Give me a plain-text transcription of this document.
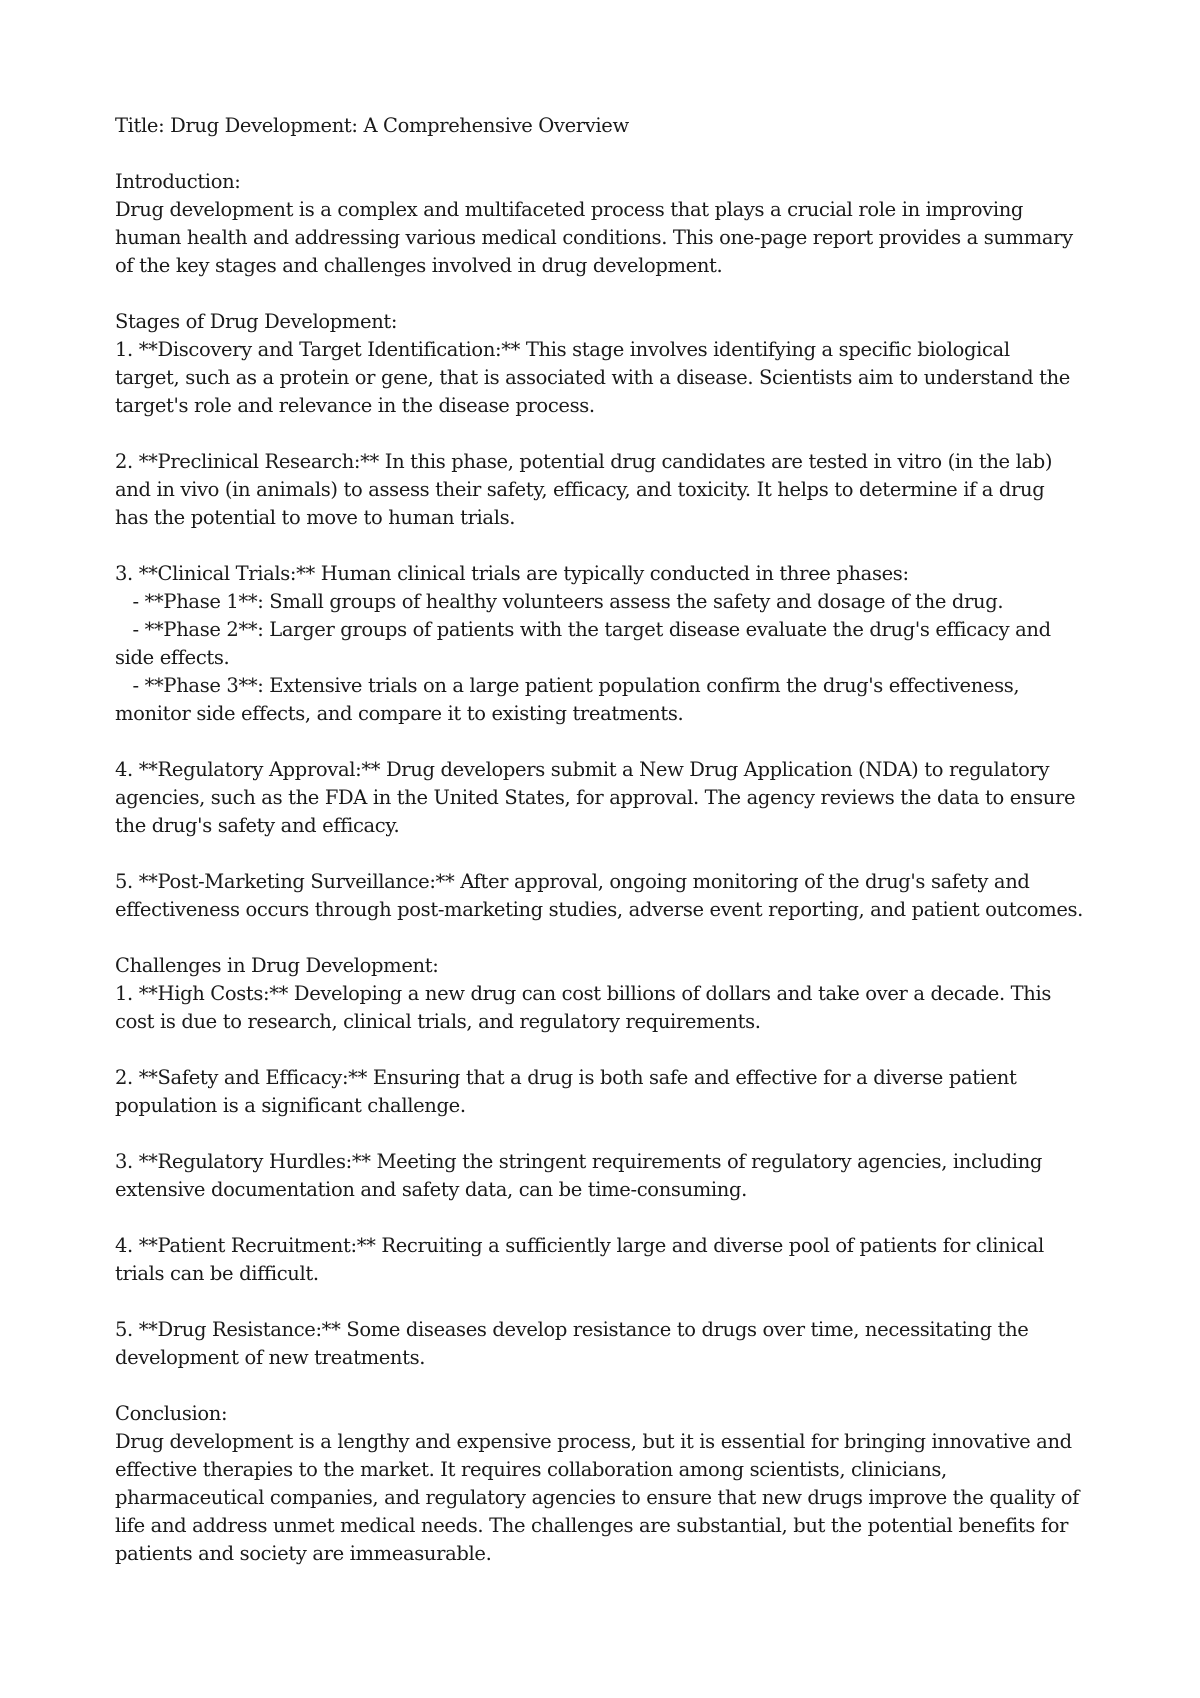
Title: Drug Development: A Comprehensive Overview
Introduction:
Drug development is a complex and multifaceted process that plays a crucial role in improving
human health and addressing various medical conditions. This one-page report provides a summary
of the key stages and challenges involved in drug development.
Stages of Drug Development:
1. **Discovery and Target Identification:** This stage involves identifying a specific biological
target, such as a protein or gene, that is associated with a disease. Scientists aim to understand the
target's role and relevance in the disease process.
2. **Preclinical Research:** In this phase, potential drug candidates are tested in vitro (in the lab)
and in vivo (in animals) to assess their safety, efficacy, and toxicity. It helps to determine if a drug
has the potential to move to human trials.
3. **Clinical Trials:** Human clinical trials are typically conducted in three phases:
- **Phase 1**: Small groups of healthy volunteers assess the safety and dosage of the drug.
- **Phase 2**: Larger groups of patients with the target disease evaluate the drug's efficacy and
side effects.
- **Phase 3**: Extensive trials on a large patient population confirm the drug's effectiveness,
monitor side effects, and compare it to existing treatments.
4. **Regulatory Approval:** Drug developers submit a New Drug Application (NDA) to regulatory
agencies, such as the FDA in the United States, for approval. The agency reviews the data to ensure
the drug's safety and efficacy.
5. **Post-Marketing Surveillance:** After approval, ongoing monitoring of the drug's safety and
effectiveness occurs through post-marketing studies, adverse event reporting, and patient outcomes.
Challenges in Drug Development:
1. **High Costs:** Developing a new drug can cost billions of dollars and take over a decade. This
cost is due to research, clinical trials, and regulatory requirements.
2. **Safety and Efficacy:** Ensuring that a drug is both safe and effective for a diverse patient
population is a significant challenge.
3. **Regulatory Hurdles:** Meeting the stringent requirements of regulatory agencies, including
extensive documentation and safety data, can be time-consuming.
4. **Patient Recruitment:** Recruiting a sufficiently large and diverse pool of patients for clinical
trials can be difficult.
5. **Drug Resistance:** Some diseases develop resistance to drugs over time, necessitating the
development of new treatments.
Conclusion:
Drug development is a lengthy and expensive process, but it is essential for bringing innovative and
effective therapies to the market. It requires collaboration among scientists, clinicians,
pharmaceutical companies, and regulatory agencies to ensure that new drugs improve the quality of
life and address unmet medical needs. The challenges are substantial, but the potential benefits for
patients and society are immeasurable.
